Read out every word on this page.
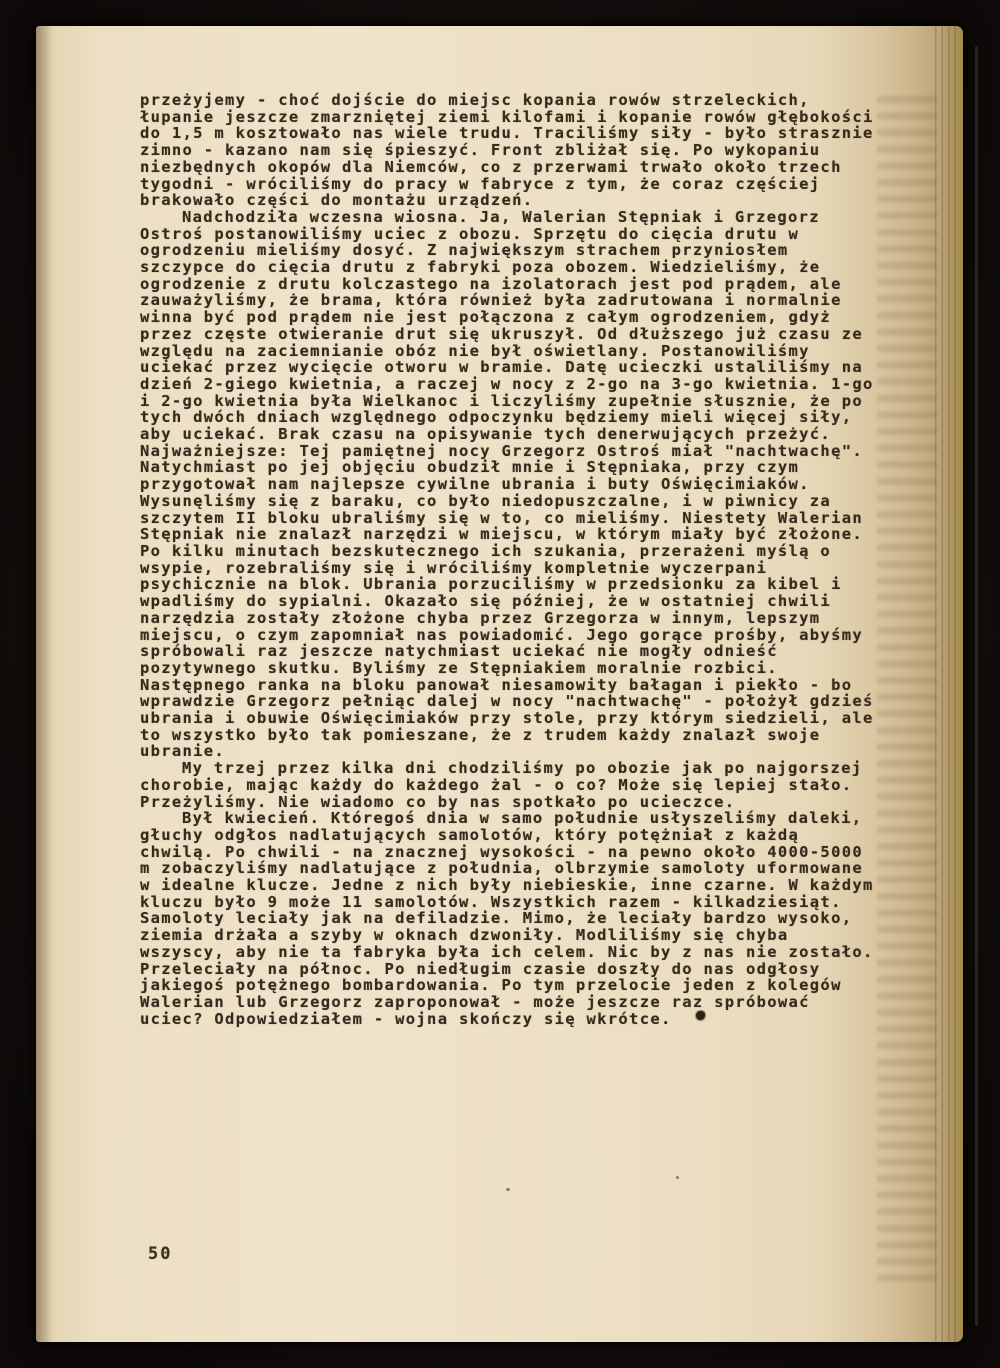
przeżyjemy - choć dojście do miejsc kopania rowów strzeleckich, łupanie jeszcze zmarzniętej ziemi kilofami i kopanie rowów głębokości do 1,5 m kosztowało nas wiele trudu. Traciliśmy siły - było strasznie zimno - kazano nam się śpieszyć. Front zbliżał się. Po wykopaniu niezbędnych okopów dla Niemców, co z przerwami trwało około trzech tygodni - wróciliśmy do pracy w fabryce z tym, że coraz częściej brakowało części do montażu urządzeń.

Nadchodziła wczesna wiosna. Ja, Walerian Stępniak i Grzegorz Ostroś postanowiliśmy uciec z obozu. Sprzętu do cięcia drutu w ogrodzeniu mieliśmy dosyć. Z największym strachem przyniosłem szczypce do cięcia drutu z fabryki poza obozem. Wiedzieliśmy, że ogrodzenie z drutu kolczastego na izolatorach jest pod prądem, ale zauważyliśmy, że brama, która również była zadrutowana i normalnie winna być pod prądem nie jest połączona z całym ogrodzeniem, gdyż przez częste otwieranie drut się ukruszył. Od dłuższego już czasu ze względu na zaciemnianie obóz nie był oświetlany. Postanowiliśmy uciekać przez wycięcie otworu w bramie. Datę ucieczki ustaliliśmy na dzień 2-giego kwietnia, a raczej w nocy z 2-go na 3-go kwietnia. 1-go i 2-go kwietnia była Wielkanoc i liczyliśmy zupełnie słusznie, że po tych dwóch dniach względnego odpoczynku będziemy mieli więcej siły, aby uciekać. Brak czasu na opisywanie tych denerwujących przeżyć. Najważniejsze: Tej pamiętnej nocy Grzegorz Ostroś miał "nachtwachę". Natychmiast po jej objęciu obudził mnie i Stępniaka, przy czym przygotował nam najlepsze cywilne ubrania i buty Oświęcimiaków. Wysunęliśmy się z baraku, co było niedopuszczalne, i w piwnicy za szczytem II bloku ubraliśmy się w to, co mieliśmy. Niestety Walerian Stępniak nie znalazł narzędzi w miejscu, w którym miały być złożone. Po kilku minutach bezskutecznego ich szukania, przerażeni myślą o wsypie, rozebraliśmy się i wróciliśmy kompletnie wyczerpani psychicznie na blok. Ubrania porzuciliśmy w przedsionku za kibel i wpadliśmy do sypialni. Okazało się później, że w ostatniej chwili narzędzia zostały złożone chyba przez Grzegorza w innym, lepszym miejscu, o czym zapomniał nas powiadomić. Jego gorące prośby, abyśmy spróbowali raz jeszcze natychmiast uciekać nie mogły odnieść pozytywnego skutku. Byliśmy ze Stępniakiem moralnie rozbici. Następnego ranka na bloku panował niesamowity bałagan i piekło - bo wprawdzie Grzegorz pełniąc dalej w nocy "nachtwachę" - położył gdzieś ubrania i obuwie Oświęcimiaków przy stole, przy którym siedzieli, ale to wszystko było tak pomieszane, że z trudem każdy znalazł swoje ubranie.

My trzej przez kilka dni chodziliśmy po obozie jak po najgorszej chorobie, mając każdy do każdego żal - o co? Może się lepiej stało. Przeżyliśmy. Nie wiadomo co by nas spotkało po ucieczce.

Był kwiecień. Któregoś dnia w samo południe usłyszeliśmy daleki, głuchy odgłos nadlatujących samolotów, który potężniał z każdą chwilą. Po chwili - na znacznej wysokości - na pewno około 4000-5000 m zobaczyliśmy nadlatujące z południa, olbrzymie samoloty uformowane w idealne klucze. Jedne z nich były niebieskie, inne czarne. W każdym kluczu było 9 może 11 samolotów. Wszystkich razem - kilkadziesiąt. Samoloty leciały jak na defiladzie. Mimo, że leciały bardzo wysoko, ziemia drżała a szyby w oknach dzwoniły. Modliliśmy się chyba wszyscy, aby nie ta fabryka była ich celem. Nic by z nas nie zostało. Przeleciały na północ. Po niedługim czasie doszły do nas odgłosy jakiegoś potężnego bombardowania. Po tym przelocie jeden z kolegów Walerian lub Grzegorz zaproponował - może jeszcze raz spróbować uciec? Odpowiedziałem - wojna skończy się wkrótce.

50
